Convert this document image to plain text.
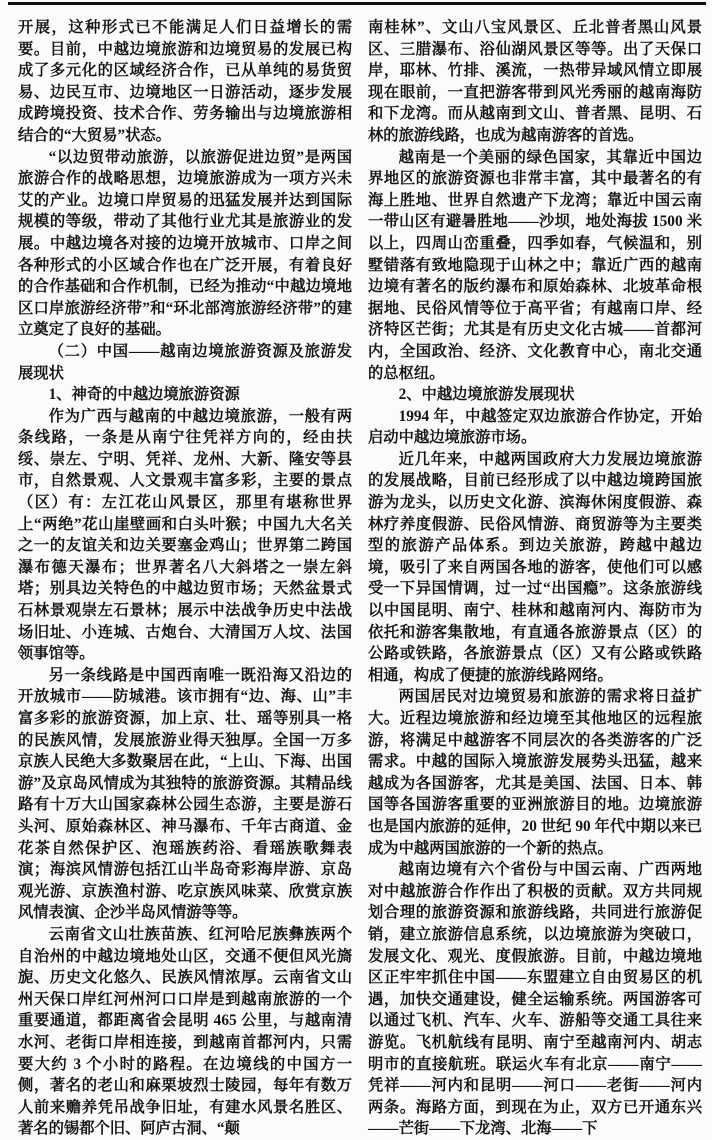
开展，这种形式已不能满足人们日益增长的需要。目前，中越边境旅游和边境贸易的发展已构成了多元化的区域经济合作，已从单纯的易货贸易、边民互市、边境地区一日游活动，逐步发展成跨境投资、技术合作、劳务输出与边境旅游相结合的“大贸易”状态。

“以边贸带动旅游，以旅游促进边贸”是两国旅游合作的战略思想，边境旅游成为一项方兴未艾的产业。边境口岸贸易的迅猛发展并达到国际规模的等级，带动了其他行业尤其是旅游业的发展。中越边境各对接的边境开放城市、口岸之间各种形式的小区域合作也在广泛开展，有着良好的合作基础和合作机制，已经为推动“中越边境地区口岸旅游经济带”和“环北部湾旅游经济带”的建立奠定了良好的基础。

（二）中国——越南边境旅游资源及旅游发展现状

1、神奇的中越边境旅游资源

作为广西与越南的中越边境旅游，一般有两条线路，一条是从南宁往凭祥方向的，经由扶绥、崇左、宁明、凭祥、龙州、大新、隆安等县市，自然景观、人文景观丰富多彩，主要的景点（区）有：左江花山风景区，那里有堪称世界上“两绝”花山崖壁画和白头叶猴；中国九大名关之一的友谊关和边关要塞金鸡山；世界第二跨国瀑布德天瀑布；世界著名八大斜塔之一崇左斜塔；别具边关特色的中越边贸市场；天然盆景式石林景观崇左石景林；展示中法战争历史中法战场旧址、小连城、古炮台、大清国万人坟、法国领事馆等。

另一条线路是中国西南唯一既沿海又沿边的开放城市——防城港。该市拥有“边、海、山”丰富多彩的旅游资源，加上京、壮、瑶等别具一格的民族风情，发展旅游业得天独厚。全国一万多京族人民绝大多数聚居在此，“上山、下海、出国游”及京岛风情成为其独特的旅游资源。其精品线路有十万大山国家森林公园生态游，主要是游石头河、原始森林区、神马瀑布、千年古商道、金花茶自然保护区、泡瑶族药浴、看瑶族歌舞表演；海滨风情游包括江山半岛奇彩海岸游、京岛观光游、京族渔村游、吃京族风味菜、欣赏京族风情表演、企沙半岛风情游等等。

云南省文山壮族苗族、红河哈尼族彝族两个自治州的中越边境地处山区，交通不便但风光旖旎、历史文化悠久、民族风情浓厚。云南省文山州天保口岸红河州河口口岸是到越南旅游的一个重要通道，都距离省会昆明 465 公里，与越南清水河、老街口岸相连接，到越南首都河内，只需要大约 3 个小时的路程。在边境线的中国方一侧，著名的老山和麻栗坡烈士陵园，每年有数万人前来赡养凭吊战争旧址，有建水风景名胜区、著名的锡都个旧、阿庐古洞、“颠

南桂林”、文山八宝风景区、丘北普者黑山风景区、三腊瀑布、浴仙湖风景区等等。出了天保口岸，耶林、竹排、溪流，一热带异域风情立即展现在眼前，一直把游客带到风光秀丽的越南海防和下龙湾。而从越南到文山、普者黑、昆明、石林的旅游线路，也成为越南游客的首选。

越南是一个美丽的绿色国家，其靠近中国边界地区的旅游资源也非常丰富，其中最著名的有海上胜地、世界自然遗产下龙湾；靠近中国云南一带山区有避暑胜地——沙坝，地处海拔 1500 米以上，四周山峦重叠，四季如春，气候温和，别墅错落有致地隐现于山林之中；靠近广西的越南边境有著名的版约瀑布和原始森林、北坡革命根据地、民俗风情等位于高平省；有越南口岸、经济特区芒街；尤其是有历史文化古城——首都河内，全国政治、经济、文化教育中心，南北交通的总枢纽。

2、中越边境旅游发展现状

1994 年，中越签定双边旅游合作协定，开始启动中越边境旅游市场。

近几年来，中越两国政府大力发展边境旅游的发展战略，目前已经形成了以中越边境跨国旅游为龙头，以历史文化游、滨海休闲度假游、森林疗养度假游、民俗风情游、商贸游等为主要类型的旅游产品体系。到边关旅游，跨越中越边境，吸引了来自两国各地的游客，使他们可以感受一下异国情调，过一过“出国瘾”。这条旅游线以中国昆明、南宁、桂林和越南河内、海防市为依托和游客集散地，有直通各旅游景点（区）的公路或铁路，各旅游景点（区）又有公路或铁路相通，构成了便捷的旅游线路网络。

两国居民对边境贸易和旅游的需求将日益扩大。近程边境旅游和经边境至其他地区的远程旅游，将满足中越游客不同层次的各类游客的广泛需求。中越的国际入境旅游发展势头迅猛，越来越成为各国游客，尤其是美国、法国、日本、韩国等各国游客重要的亚洲旅游目的地。边境旅游也是国内旅游的延伸，20 世纪 90 年代中期以来已成为中越两国旅游的一个新的热点。

越南边境有六个省份与中国云南、广西两地对中越旅游合作作出了积极的贡献。双方共同规划合理的旅游资源和旅游线路，共同进行旅游促销，建立旅游信息系统，以边境旅游为突破口，发展文化、观光、度假旅游。目前，中越边境地区正牢牢抓住中国——东盟建立自由贸易区的机遇，加快交通建设，健全运输系统。两国游客可以通过飞机、汽车、火车、游船等交通工具往来游览。飞机航线有昆明、南宁至越南河内、胡志明市的直接航班。联运火车有北京——南宁——凭祥——河内和昆明——河口——老街——河内两条。海路方面，到现在为止，双方已开通东兴——芒街——下龙湾、北海——下
